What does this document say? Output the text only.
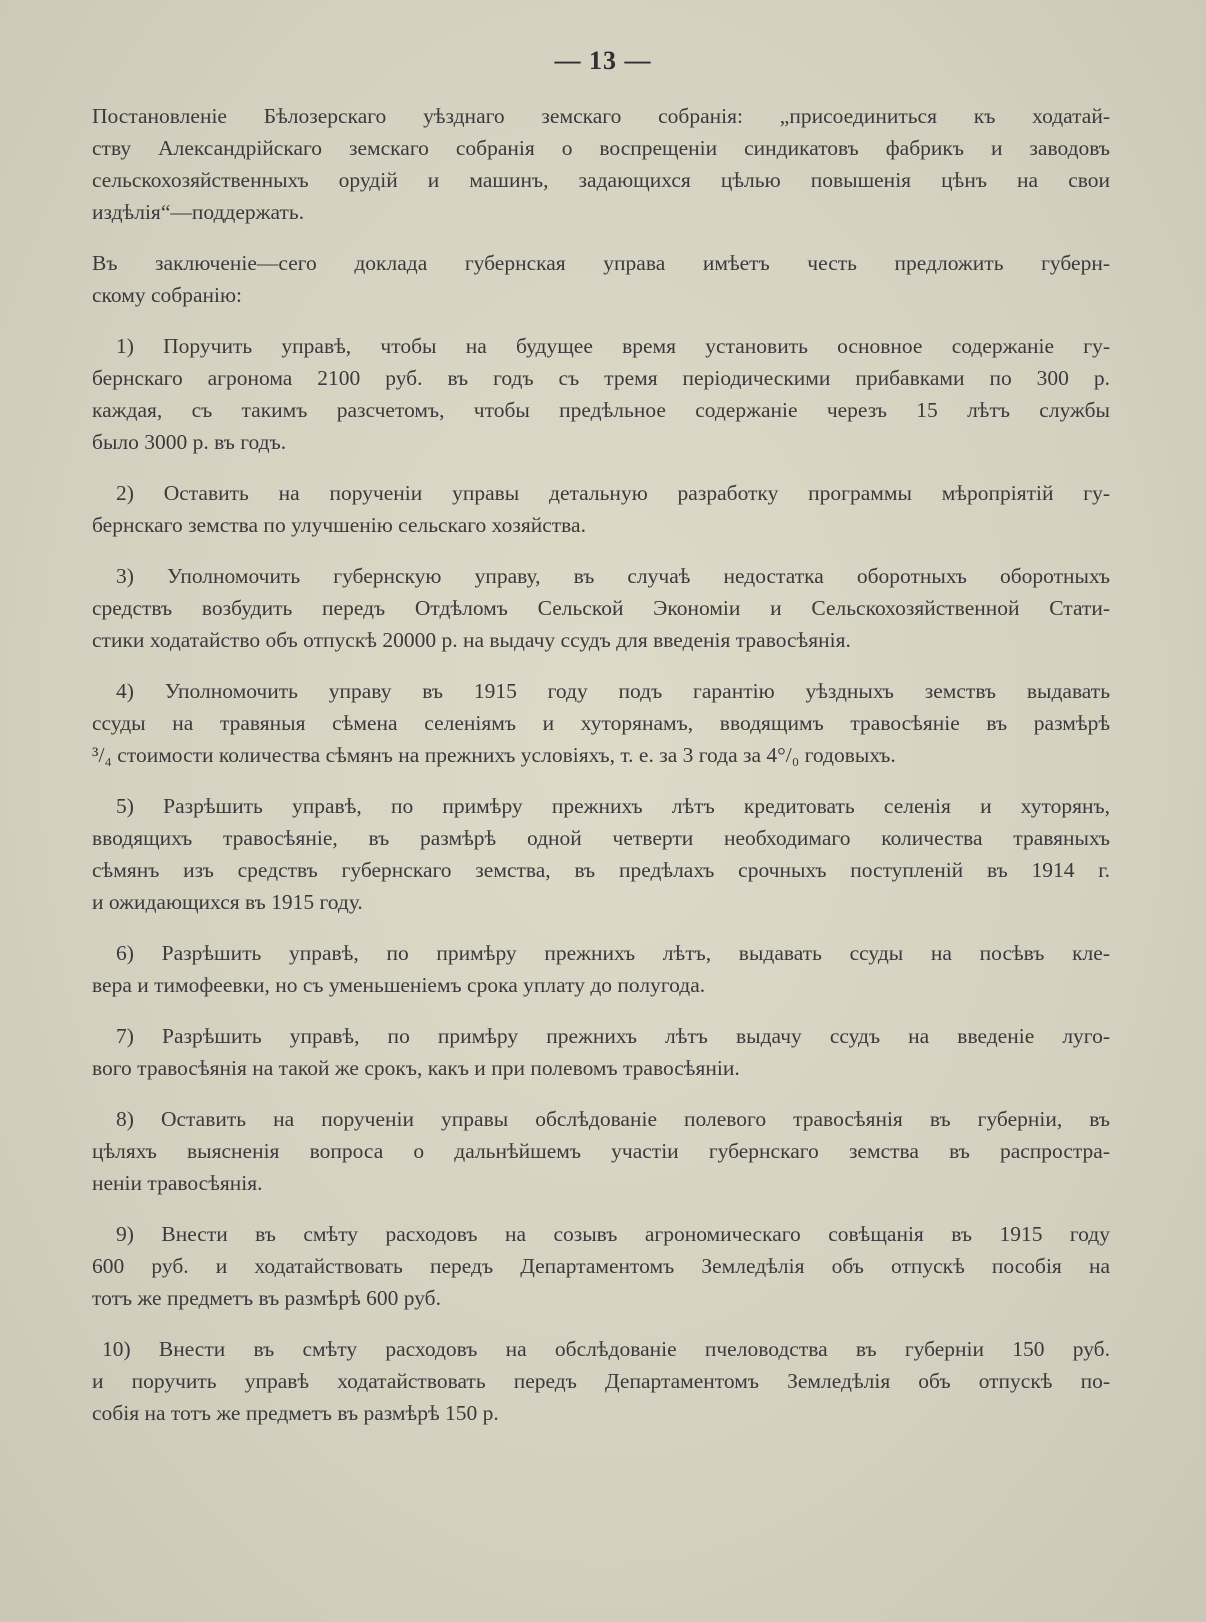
— 13 —
Постановленіе Бѣлозерскаго уѣзднаго земскаго собранія: „присоединиться къ ходатай-
ству Александрійскаго земскаго собранія о воспрещеніи синдикатовъ фабрикъ и заводовъ
сельскохозяйственныхъ орудій и машинъ, задающихся цѣлью повышенія цѣнъ на свои
издѣлія“—поддержать.
Въ заключеніе—сего доклада губернская управа имѣетъ честь предложить губерн-
скому собранію:
1) Поручить управѣ, чтобы на будущее время установить основное содержаніе гу-
бернскаго агронома 2100 руб. въ годъ съ тремя періодическими прибавками по 300 р.
каждая, съ такимъ разсчетомъ, чтобы предѣльное содержаніе черезъ 15 лѣтъ службы
было 3000 р. въ годъ.
2) Оставить на порученіи управы детальную разработку программы мѣропріятій гу-
бернскаго земства по улучшенію сельскаго хозяйства.
3) Уполномочить губернскую управу, въ случаѣ недостатка оборотныхъ оборотныхъ
средствъ возбудить передъ Отдѣломъ Сельской Экономіи и Сельскохозяйственной Стати-
стики ходатайство объ отпускѣ 20000 р. на выдачу ссудъ для введенія травосѣянія.
4) Уполномочить управу въ 1915 году подъ гарантію уѣздныхъ земствъ выдавать
ссуды на травяныя сѣмена селеніямъ и хуторянамъ, вводящимъ травосѣяніе въ размѣрѣ
³/₄ стоимости количества сѣмянъ на прежнихъ условіяхъ, т. е. за 3 года за 4°/₀ годовыхъ.
5) Разрѣшить управѣ, по примѣру прежнихъ лѣтъ кредитовать селенія и хуторянъ,
вводящихъ травосѣяніе, въ размѣрѣ одной четверти необходимаго количества травяныхъ
сѣмянъ изъ средствъ губернскаго земства, въ предѣлахъ срочныхъ поступленій въ 1914 г.
и ожидающихся въ 1915 году.
6) Разрѣшить управѣ, по примѣру прежнихъ лѣтъ, выдавать ссуды на посѣвъ кле-
вера и тимофеевки, но съ уменьшеніемъ срока уплату до полугода.
7) Разрѣшить управѣ, по примѣру прежнихъ лѣтъ выдачу ссудъ на введеніе луго-
вого травосѣянія на такой же срокъ, какъ и при полевомъ травосѣяніи.
8) Оставить на порученіи управы обслѣдованіе полевого травосѣянія въ губерніи, въ
цѣляхъ выясненія вопроса о дальнѣйшемъ участіи губернскаго земства въ распростра-
неніи травосѣянія.
9) Внести въ смѣту расходовъ на созывъ агрономическаго совѣщанія въ 1915 году
600 руб. и ходатайствовать передъ Департаментомъ Земледѣлія объ отпускѣ пособія на
тотъ же предметъ въ размѣрѣ 600 руб.
10) Внести въ смѣту расходовъ на обслѣдованіе пчеловодства въ губерніи 150 руб.
и поручить управѣ ходатайствовать передъ Департаментомъ Земледѣлія объ отпускѣ по-
собія на тотъ же предметъ въ размѣрѣ 150 р.
